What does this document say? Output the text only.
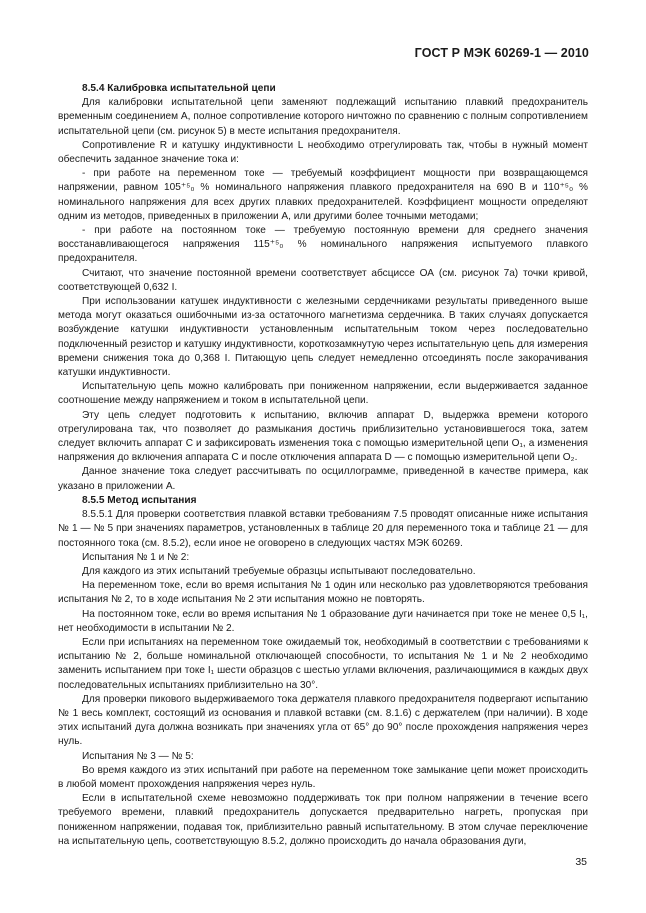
ГОСТ Р МЭК 60269-1 — 2010

8.5.4 Калибровка испытательной цепи

Для калибровки испытательной цепи заменяют подлежащий испытанию плавкий предохранитель временным соединением А, полное сопротивление которого ничтожно по сравнению с полным сопротивлением испытательной цепи (см. рисунок 5) в месте испытания предохранителя.

Сопротивление R и катушку индуктивности L необходимо отрегулировать так, чтобы в нужный момент обеспечить заданное значение тока и:

- при работе на переменном токе — требуемый коэффициент мощности при возвращающемся напряжении, равном 105⁺⁵₀ % номинального напряжения плавкого предохранителя на 690 В и 110⁺⁵₀ % номинального напряжения для всех других плавких предохранителей. Коэффициент мощности определяют одним из методов, приведенных в приложении А, или другими более точными методами;

- при работе на постоянном токе — требуемую постоянную времени для среднего значения восстанавливающегося напряжения 115⁺⁵₀ % номинального напряжения испытуемого плавкого предохранителя.

Считают, что значение постоянной времени соответствует абсциссе ОА (см. рисунок 7а) точки кривой, соответствующей 0,632 I.

При использовании катушек индуктивности с железными сердечниками результаты приведенного выше метода могут оказаться ошибочными из-за остаточного магнетизма сердечника. В таких случаях допускается возбуждение катушки индуктивности установленным испытательным током через последовательно подключенный резистор и катушку индуктивности, короткозамкнутую через испытательную цепь для измерения времени снижения тока до 0,368 I. Питающую цепь следует немедленно отсоединять после закорачивания катушки индуктивности.

Испытательную цепь можно калибровать при пониженном напряжении, если выдерживается заданное соотношение между напряжением и током в испытательной цепи.

Эту цепь следует подготовить к испытанию, включив аппарат D, выдержка времени которого отрегулирована так, что позволяет до размыкания достичь приблизительно установившегося тока, затем следует включить аппарат С и зафиксировать изменения тока с помощью измерительной цепи O₁, а изменения напряжения до включения аппарата С и после отключения аппарата D — с помощью измерительной цепи O₂.

Данное значение тока следует рассчитывать по осциллограмме, приведенной в качестве примера, как указано в приложении А.

8.5.5 Метод испытания

8.5.5.1 Для проверки соответствия плавкой вставки требованиям 7.5 проводят описанные ниже испытания № 1 — № 5 при значениях параметров, установленных в таблице 20 для переменного тока и таблице 21 — для постоянного тока (см. 8.5.2), если иное не оговорено в следующих частях МЭК 60269.

Испытания № 1 и № 2:

Для каждого из этих испытаний требуемые образцы испытывают последовательно.

На переменном токе, если во время испытания № 1 один или несколько раз удовлетворяются требования испытания № 2, то в ходе испытания № 2 эти испытания можно не повторять.

На постоянном токе, если во время испытания № 1 образование дуги начинается при токе не менее 0,5 I₁, нет необходимости в испытании № 2.

Если при испытаниях на переменном токе ожидаемый ток, необходимый в соответствии с требованиями к испытанию № 2, больше номинальной отключающей способности, то испытания № 1 и № 2 необходимо заменить испытанием при токе I₁ шести образцов с шестью углами включения, различающимися в каждых двух последовательных испытаниях приблизительно на 30°.

Для проверки пикового выдерживаемого тока держателя плавкого предохранителя подвергают испытанию № 1 весь комплект, состоящий из основания и плавкой вставки (см. 8.1.6) с держателем (при наличии). В ходе этих испытаний дуга должна возникать при значениях угла от 65° до 90° после прохождения напряжения через нуль.

Испытания № 3 — № 5:

Во время каждого из этих испытаний при работе на переменном токе замыкание цепи может происходить в любой момент прохождения напряжения через нуль.

Если в испытательной схеме невозможно поддерживать ток при полном напряжении в течение всего требуемого времени, плавкий предохранитель допускается предварительно нагреть, пропуская при пониженном напряжении, подавая ток, приблизительно равный испытательному. В этом случае переключение на испытательную цепь, соответствующую 8.5.2, должно происходить до начала образования дуги,

35
